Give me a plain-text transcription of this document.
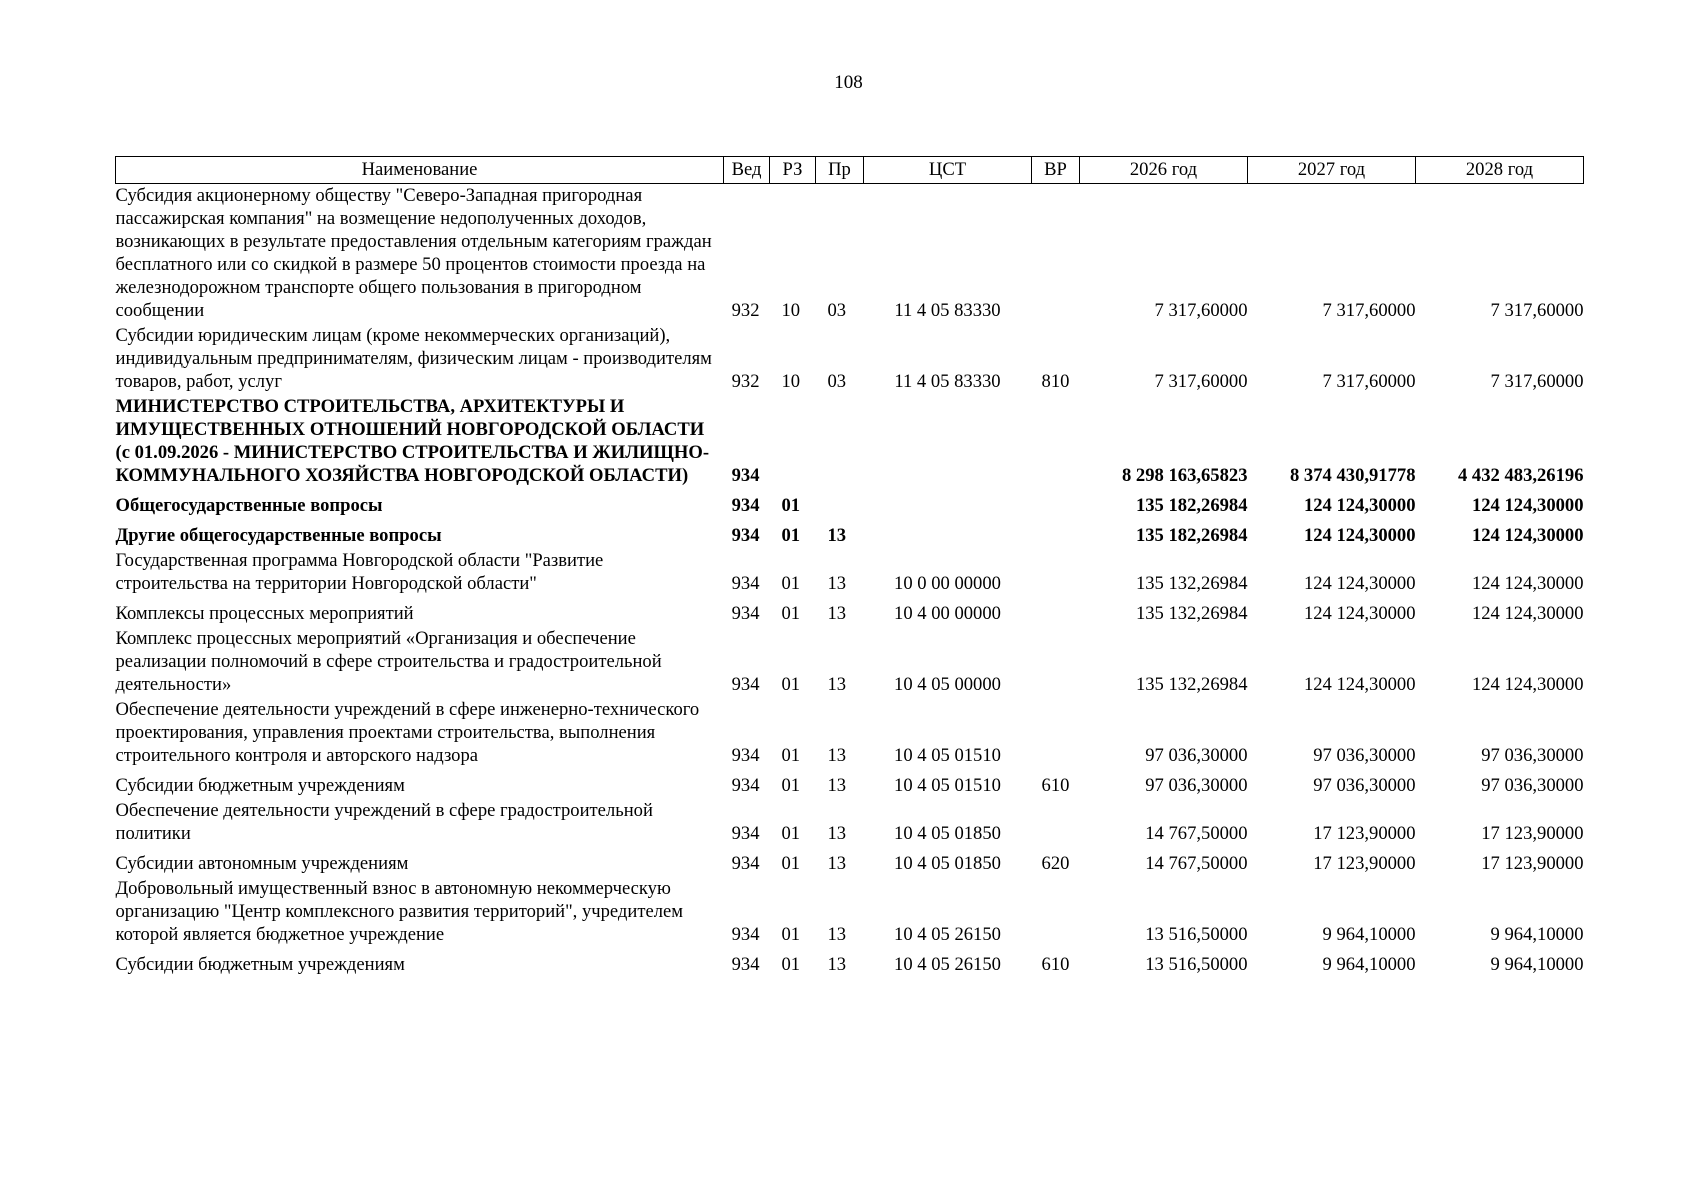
108
Наименование	Вед	РЗ	Пр	ЦСТ	ВР	2026 год	2027 год	2028 год
Субсидия акционерному обществу "Северо-Западная пригородная пассажирская компания" на возмещение недополученных доходов, возникающих в результате предоставления отдельным категориям граждан бесплатного или со скидкой в размере 50 процентов стоимости проезда на железнодорожном транспорте общего пользования в пригородном сообщении	932	10	03	11 4 05 83330		7 317,60000	7 317,60000	7 317,60000
Субсидии юридическим лицам (кроме некоммерческих организаций), индивидуальным предпринимателям, физическим лицам - производителям товаров, работ, услуг	932	10	03	11 4 05 83330	810	7 317,60000	7 317,60000	7 317,60000
МИНИСТЕРСТВО СТРОИТЕЛЬСТВА, АРХИТЕКТУРЫ И ИМУЩЕСТВЕННЫХ ОТНОШЕНИЙ НОВГОРОДСКОЙ ОБЛАСТИ (с 01.09.2026 - МИНИСТЕРСТВО СТРОИТЕЛЬСТВА И ЖИЛИЩНО-КОММУНАЛЬНОГО ХОЗЯЙСТВА НОВГОРОДСКОЙ ОБЛАСТИ)	934					8 298 163,65823	8 374 430,91778	4 432 483,26196
Общегосударственные вопросы	934	01				135 182,26984	124 124,30000	124 124,30000
Другие общегосударственные вопросы	934	01	13			135 182,26984	124 124,30000	124 124,30000
Государственная программа Новгородской области "Развитие строительства на территории Новгородской области"	934	01	13	10 0 00 00000		135 132,26984	124 124,30000	124 124,30000
Комплексы процессных мероприятий	934	01	13	10 4 00 00000		135 132,26984	124 124,30000	124 124,30000
Комплекс процессных мероприятий «Организация и обеспечение реализации полномочий в сфере строительства и градостроительной деятельности»	934	01	13	10 4 05 00000		135 132,26984	124 124,30000	124 124,30000
Обеспечение деятельности учреждений в сфере инженерно-технического проектирования, управления проектами строительства, выполнения строительного контроля и авторского надзора	934	01	13	10 4 05 01510		97 036,30000	97 036,30000	97 036,30000
Субсидии бюджетным учреждениям	934	01	13	10 4 05 01510	610	97 036,30000	97 036,30000	97 036,30000
Обеспечение деятельности учреждений в сфере градостроительной политики	934	01	13	10 4 05 01850		14 767,50000	17 123,90000	17 123,90000
Субсидии автономным учреждениям	934	01	13	10 4 05 01850	620	14 767,50000	17 123,90000	17 123,90000
Добровольный имущественный взнос в автономную некоммерческую организацию "Центр комплексного развития территорий", учредителем которой является бюджетное учреждение	934	01	13	10 4 05 26150		13 516,50000	9 964,10000	9 964,10000
Субсидии бюджетным учреждениям	934	01	13	10 4 05 26150	610	13 516,50000	9 964,10000	9 964,10000
